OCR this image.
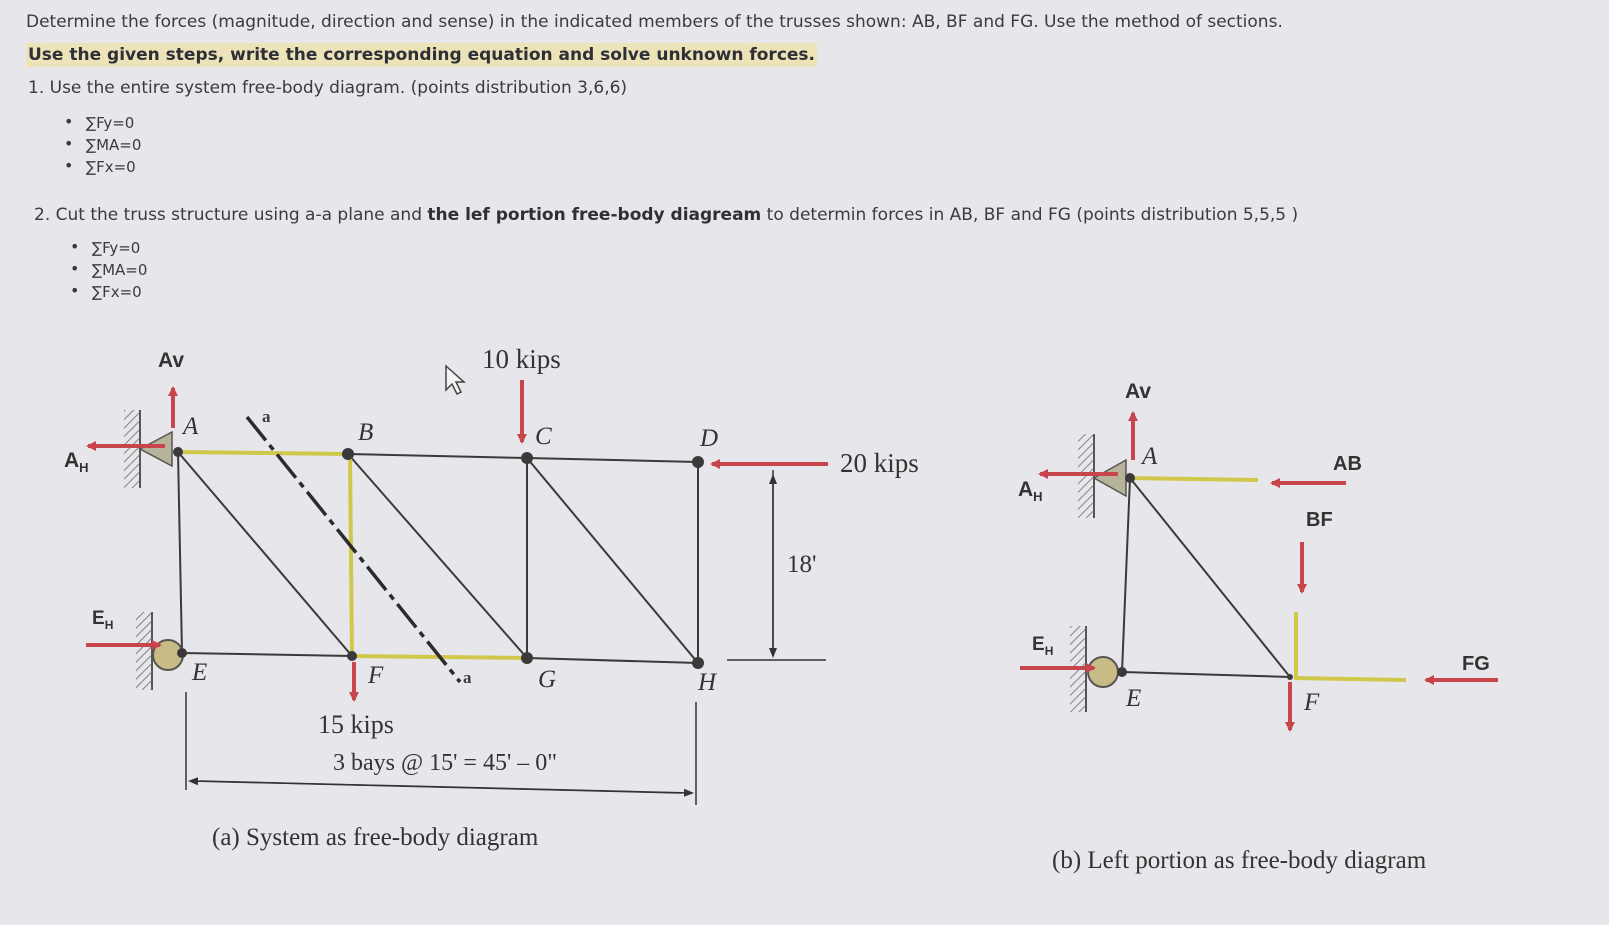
Determine the forces (magnitude, direction and sense) in the indicated members of the trusses shown: AB, BF and FG. Use the method of sections.
Use the given steps, write the corresponding equation and solve unknown forces.
1. Use the entire system free-body diagram. (points distribution 3,6,6)
• ∑Fy=0
• ∑MA=0
• ∑Fx=0
2. Cut the truss structure using a-a plane and the lef portion free-body diagream to determin forces in AB, BF and FG (points distribution 5,5,5 )
• ∑Fy=0
• ∑MA=0
• ∑Fx=0
a
a
Av
$A_H$
$E_H$
A	B	C	D
E	F	G	H
10 kips
15 kips
20 kips
18'
3 bays @ 15' = 45' – 0"
(a) System as free-body diagram
Av
$A_H$
$E_H$
A
E	F
AB
BF
FG
(b) Left portion as free-body diagram
